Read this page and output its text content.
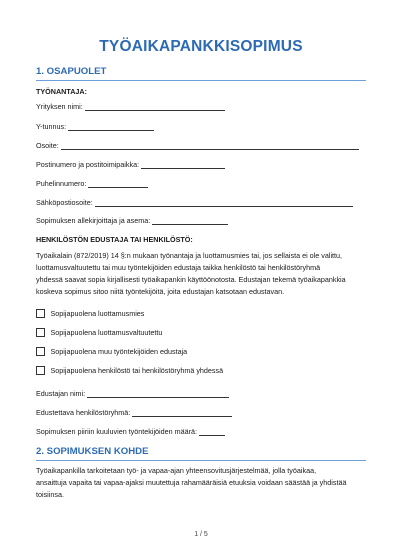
TYÖAIKAPANKKISOPIMUS
1. OSAPUOLET
TYÖNANTAJA:
Yrityksen nimi:
Y-tunnus:
Osoite:
Postinumero ja postitoimipaikka:
Puhelinnumero:
Sähköpostiosoite:
Sopimuksen allekirjoittaja ja asema:
HENKILÖSTÖN EDUSTAJA TAI HENKILÖSTÖ:
Työaikalain (872/2019) 14 §:n mukaan työnantaja ja luottamusmies tai, jos sellaista ei ole valittu,
luottamusvaltuutettu tai muu työntekijöiden edustaja taikka henkilöstö tai henkilöstöryhmä
yhdessä saavat sopia kirjallisesti työaikapankin käyttöönotosta. Edustajan tekemä työaikapankkia
koskeva sopimus sitoo niitä työntekijöitä, joita edustajan katsotaan edustavan.
Sopijapuolena luottamusmies
Sopijapuolena luottamusvaltuutettu
Sopijapuolena muu työntekijöiden edustaja
Sopijapuolena henkilöstö tai henkilöstöryhmä yhdessä
Edustajan nimi:
Edustettava henkilöstöryhmä:
Sopimuksen piiriin kuuluvien työntekijöiden määrä:
2. SOPIMUKSEN KOHDE
Työaikapankilla tarkoitetaan työ- ja vapaa-ajan yhteensovitusjärjestelmää, jolla työaikaa,
ansaittuja vapaita tai vapaa-ajaksi muutettuja rahamääräisiä etuuksia voidaan säästää ja yhdistää
toisiinsa.
1 / 5
